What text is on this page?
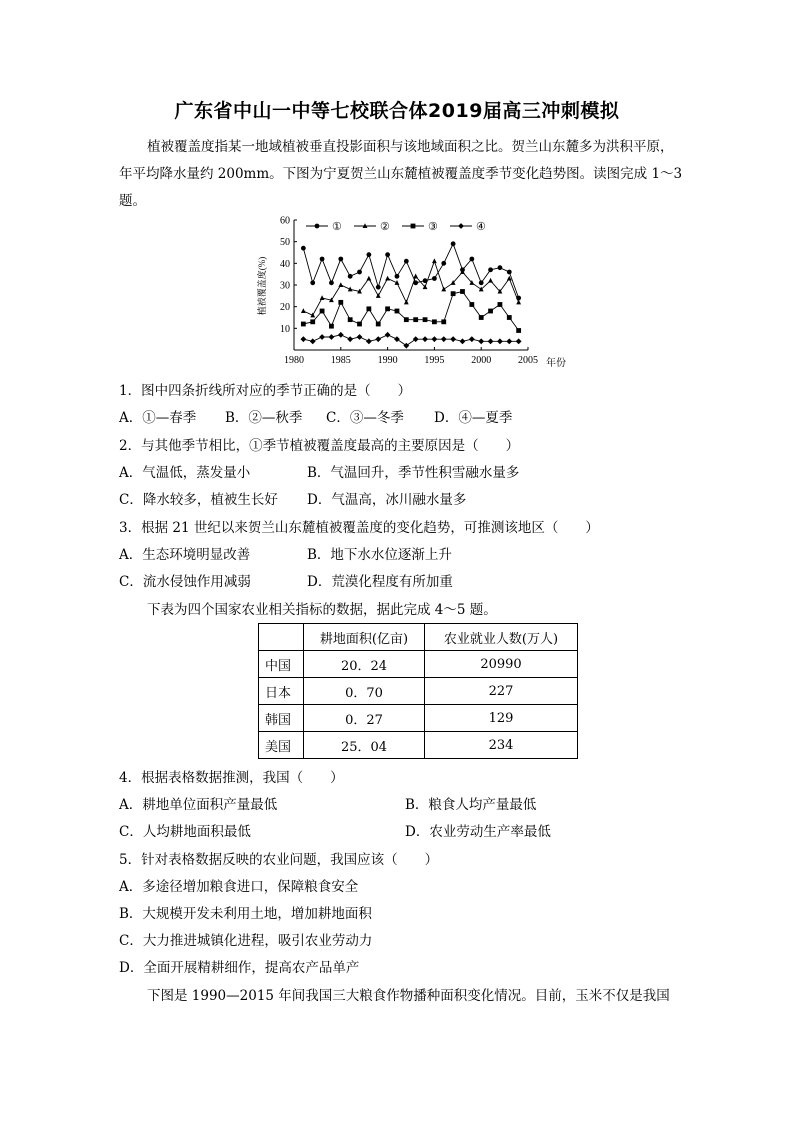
广东省中山一中等七校联合体2019届高三冲刺模拟
植被覆盖度指某一地域植被垂直投影面积与该地域面积之比。贺兰山东麓多为洪积平原，年平均降水量约 200mm。下图为宁夏贺兰山东麓植被覆盖度季节变化趋势图。读图完成 1～3 题。
10
20
30
40
50
60
1980	1985	1990	1995	2000	2005
植被覆盖度(%)
年份
①	②	③	④
1．图中四条折线所对应的季节正确的是（　　）
A．①—春季 B．②—秋季 C．③—冬季 D．④—夏季
2．与其他季节相比，①季节植被覆盖度最高的主要原因是（　　）
A．气温低，蒸发量小	B．气温回升，季节性积雪融水量多
C．降水较多，植被生长好 D．气温高，冰川融水量多
3．根据 21 世纪以来贺兰山东麓植被覆盖度的变化趋势，可推测该地区（　　）
A．生态环境明显改善	B．地下水水位逐渐上升
C．流水侵蚀作用减弱	D．荒漠化程度有所加重
下表为四个国家农业相关指标的数据，据此完成 4～5 题。
	耕地面积(亿亩)	农业就业人数(万人)
中国	20．24	20990
日本	0．70	227
韩国	0．27	129
美国	25．04	234
4．根据表格数据推测，我国（　　）
A．耕地单位面积产量最低	B．粮食人均产量最低
C．人均耕地面积最低	D．农业劳动生产率最低
5．针对表格数据反映的农业问题，我国应该（　　）
A．多途径增加粮食进口，保障粮食安全
B．大规模开发未利用土地，增加耕地面积
C．大力推进城镇化进程，吸引农业劳动力
D．全面开展精耕细作，提高农产品单产
下图是 1990—2015 年间我国三大粮食作物播种面积变化情况。目前，玉米不仅是我国
